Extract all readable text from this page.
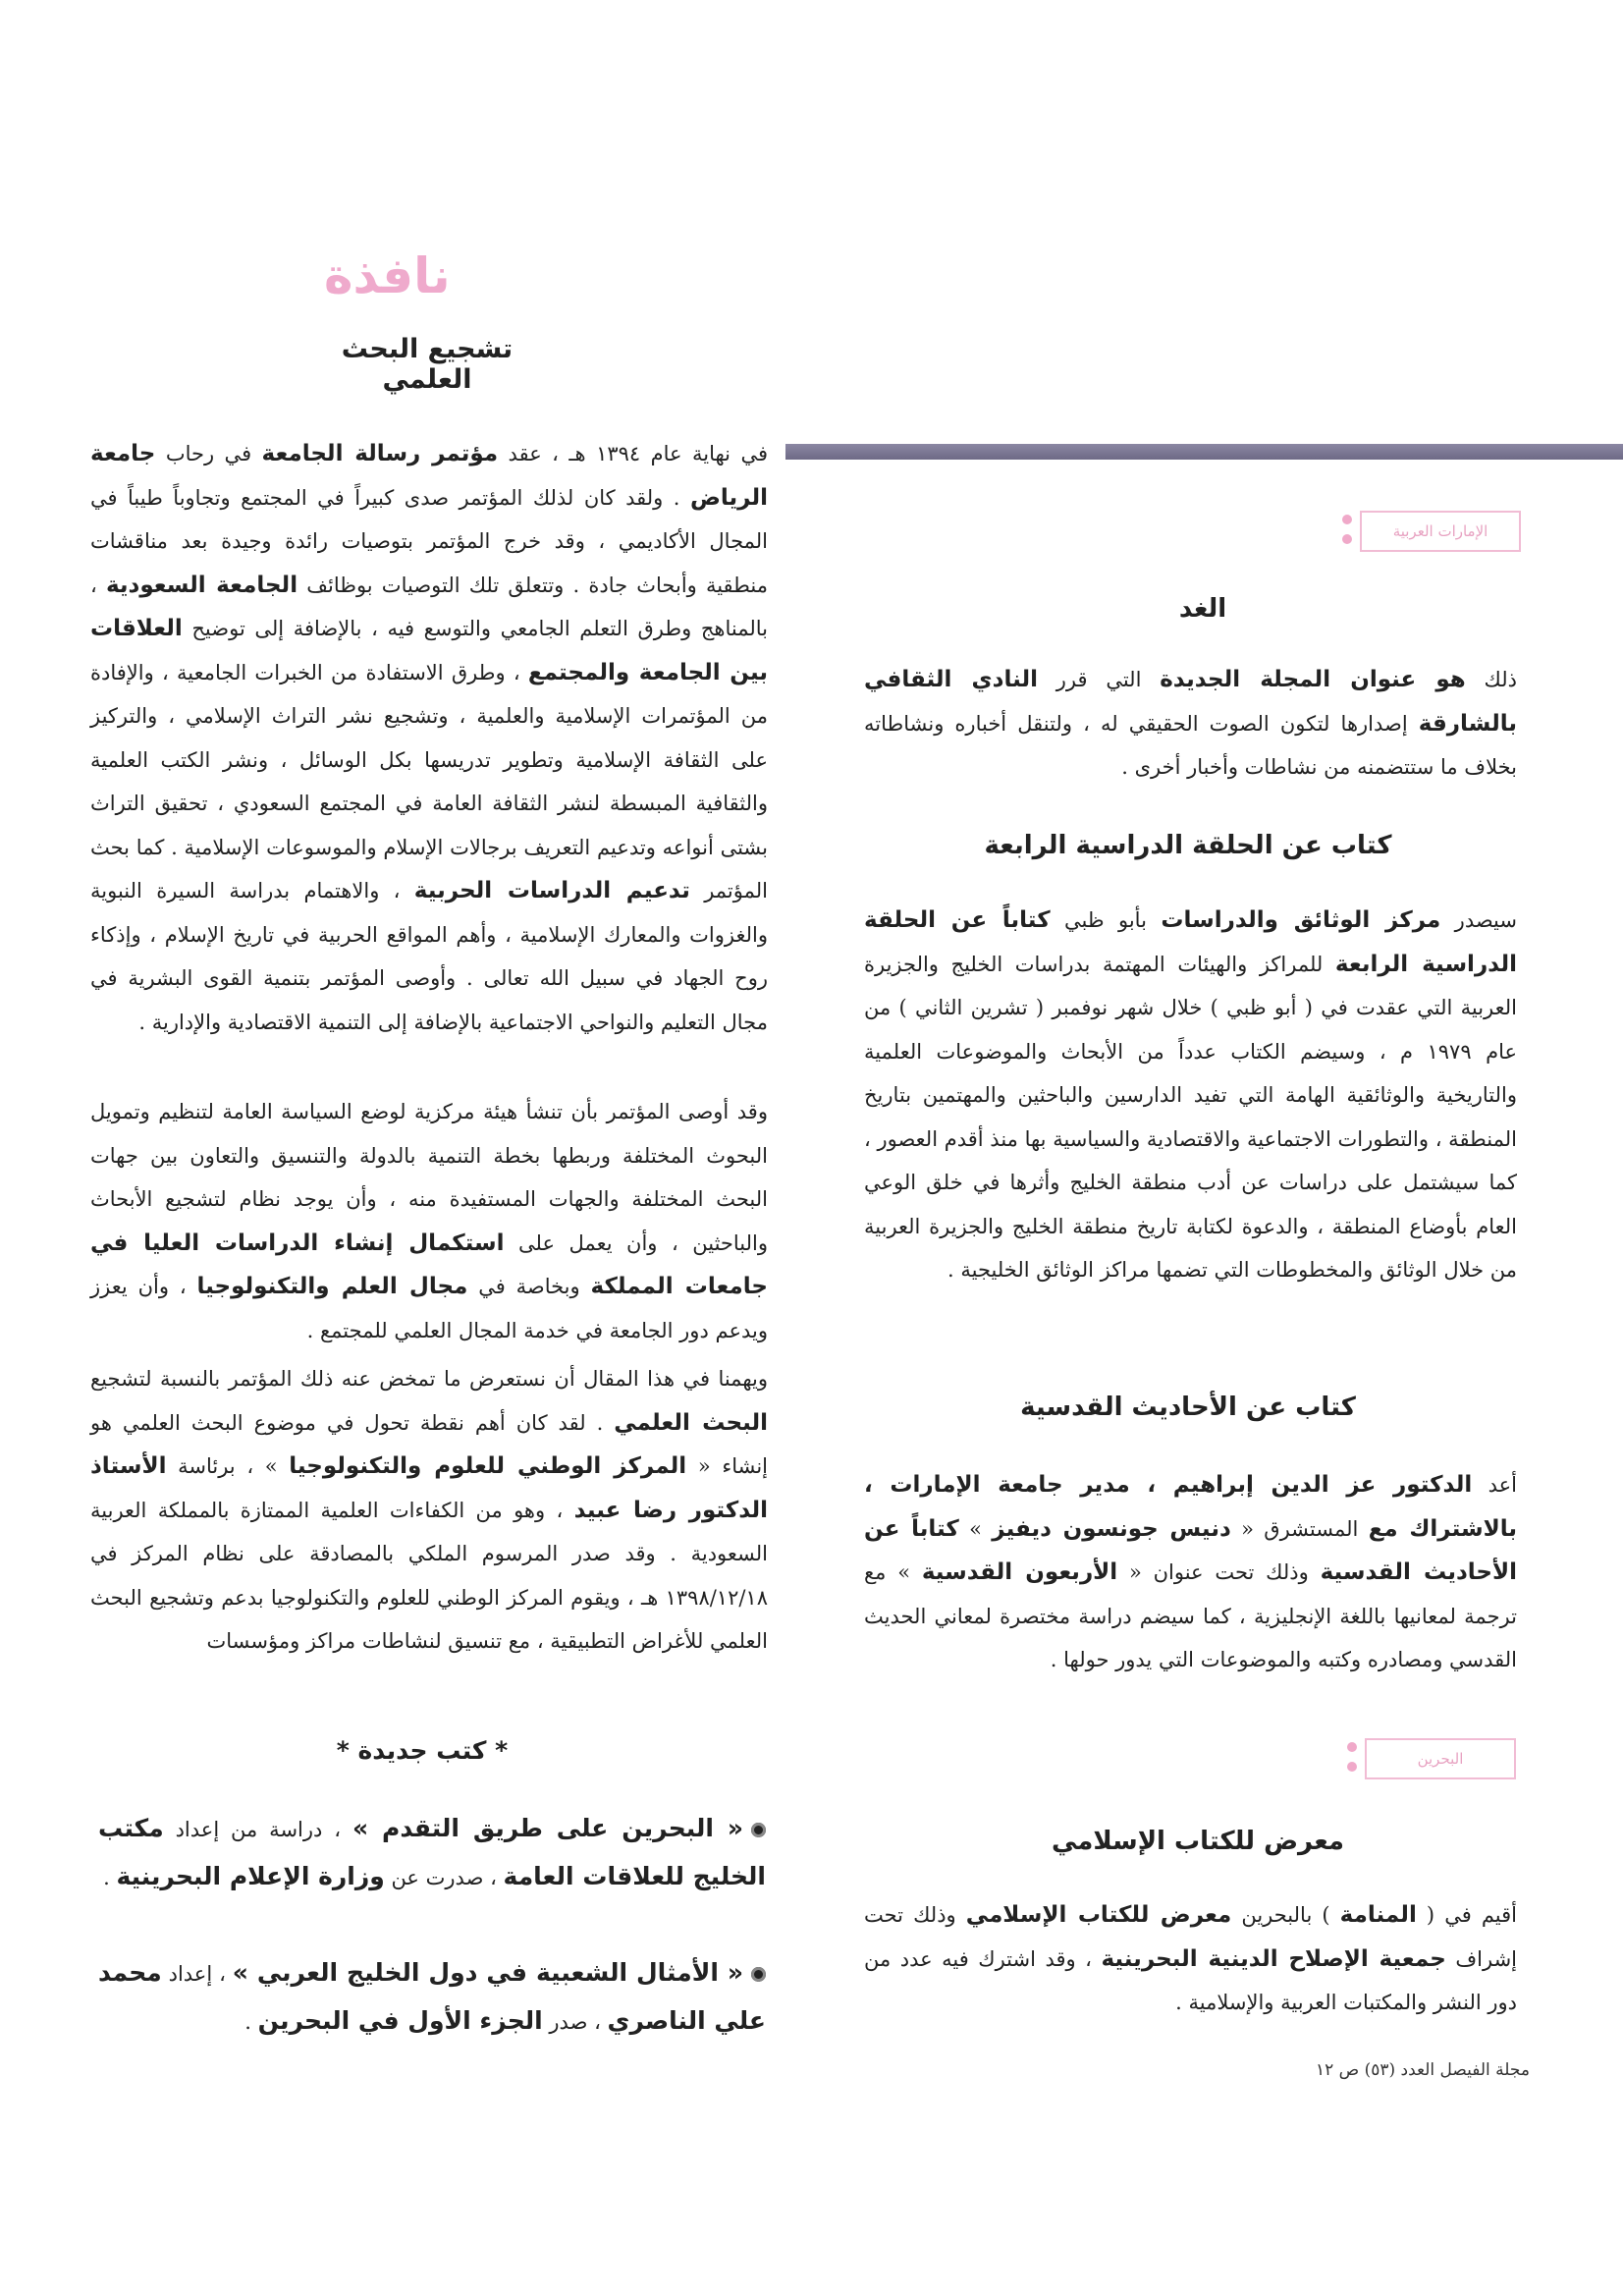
نافذة
تشجيع البحث العلمي
في نهاية عام ١٣٩٤ هـ ، عقد مؤتمر رسالة الجامعة في رحاب جامعة الرياض . ولقد كان لذلك المؤتمر صدى كبيراً في المجتمع وتجاوباً طيباً في المجال الأكاديمي ، وقد خرج المؤتمر بتوصيات رائدة وجيدة بعد مناقشات منطقية وأبحاث جادة . وتتعلق تلك التوصيات بوظائف الجامعة السعودية ، بالمناهج وطرق التعلم الجامعي والتوسع فيه ، بالإضافة إلى توضيح العلاقات بين الجامعة والمجتمع ، وطرق الاستفادة من الخبرات الجامعية ، والإفادة من المؤتمرات الإسلامية والعلمية ، وتشجيع نشر التراث الإسلامي ، والتركيز على الثقافة الإسلامية وتطوير تدريسها بكل الوسائل ، ونشر الكتب العلمية والثقافية المبسطة لنشر الثقافة العامة في المجتمع السعودي ، تحقيق التراث بشتى أنواعه وتدعيم التعريف برجالات الإسلام والموسوعات الإسلامية . كما بحث المؤتمر تدعيم الدراسات الحربية ، والاهتمام بدراسة السيرة النبوية والغزوات والمعارك الإسلامية ، وأهم المواقع الحربية في تاريخ الإسلام ، وإذكاء روح الجهاد في سبيل الله تعالى . وأوصى المؤتمر بتنمية القوى البشرية في مجال التعليم والنواحي الاجتماعية بالإضافة إلى التنمية الاقتصادية والإدارية .
وقد أوصى المؤتمر بأن تنشأ هيئة مركزية لوضع السياسة العامة لتنظيم وتمويل البحوث المختلفة وربطها بخطة التنمية بالدولة والتنسيق والتعاون بين جهات البحث المختلفة والجهات المستفيدة منه ، وأن يوجد نظام لتشجيع الأبحاث والباحثين ، وأن يعمل على استكمال إنشاء الدراسات العليا في جامعات المملكة وبخاصة في مجال العلم والتكنولوجيا ، وأن يعزز ويدعم دور الجامعة في خدمة المجال العلمي للمجتمع .
ويهمنا في هذا المقال أن نستعرض ما تمخض عنه ذلك المؤتمر بالنسبة لتشجيع البحث العلمي . لقد كان أهم نقطة تحول في موضوع البحث العلمي هو إنشاء « المركز الوطني للعلوم والتكنولوجيا » ، برئاسة الأستاذ الدكتور رضا عبيد ، وهو من الكفاءات العلمية الممتازة بالمملكة العربية السعودية . وقد صدر المرسوم الملكي بالمصادقة على نظام المركز في ١٣٩٨/١٢/١٨ هـ ، ويقوم المركز الوطني للعلوم والتكنولوجيا بدعم وتشجيع البحث العلمي للأغراض التطبيقية ، مع تنسيق لنشاطات مراكز ومؤسسات
* كتب جديدة *
« البحرين على طريق التقدم » ، دراسة من إعداد مكتب الخليج للعلاقات العامة ، صدرت عن وزارة الإعلام البحرينية .
« الأمثال الشعبية في دول الخليج العربي » ، إعداد محمد علي الناصري ، صدر الجزء الأول في البحرين .
الإمارات العربية
الغد
ذلك هو عنوان المجلة الجديدة التي قرر النادي الثقافي بالشارقة إصدارها لتكون الصوت الحقيقي له ، ولتنقل أخباره ونشاطاته بخلاف ما ستتضمنه من نشاطات وأخبار أخرى .
كتاب عن الحلقة الدراسية الرابعة
سيصدر مركز الوثائق والدراسات بأبو ظبي كتاباً عن الحلقة الدراسية الرابعة للمراكز والهيئات المهتمة بدراسات الخليج والجزيرة العربية التي عقدت في ( أبو ظبي ) خلال شهر نوفمبر ( تشرين الثاني ) من عام ١٩٧٩ م ، وسيضم الكتاب عدداً من الأبحاث والموضوعات العلمية والتاريخية والوثائقية الهامة التي تفيد الدارسين والباحثين والمهتمين بتاريخ المنطقة ، والتطورات الاجتماعية والاقتصادية والسياسية بها منذ أقدم العصور ، كما سيشتمل على دراسات عن أدب منطقة الخليج وأثرها في خلق الوعي العام بأوضاع المنطقة ، والدعوة لكتابة تاريخ منطقة الخليج والجزيرة العربية من خلال الوثائق والمخطوطات التي تضمها مراكز الوثائق الخليجية .
كتاب عن الأحاديث القدسية
أعد الدكتور عز الدين إبراهيم ، مدير جامعة الإمارات ، بالاشتراك مع المستشرق « دنيس جونسون ديفيز » كتاباً عن الأحاديث القدسية وذلك تحت عنوان « الأربعون القدسية » مع ترجمة لمعانيها باللغة الإنجليزية ، كما سيضم دراسة مختصرة لمعاني الحديث القدسي ومصادره وكتبه والموضوعات التي يدور حولها .
البحرين
معرض للكتاب الإسلامي
أقيم في ( المنامة ) بالبحرين معرض للكتاب الإسلامي وذلك تحت إشراف جمعية الإصلاح الدينية البحرينية ، وقد اشترك فيه عدد من دور النشر والمكتبات العربية والإسلامية .
مجلة الفيصل العدد (٥٣) ص ١٢
